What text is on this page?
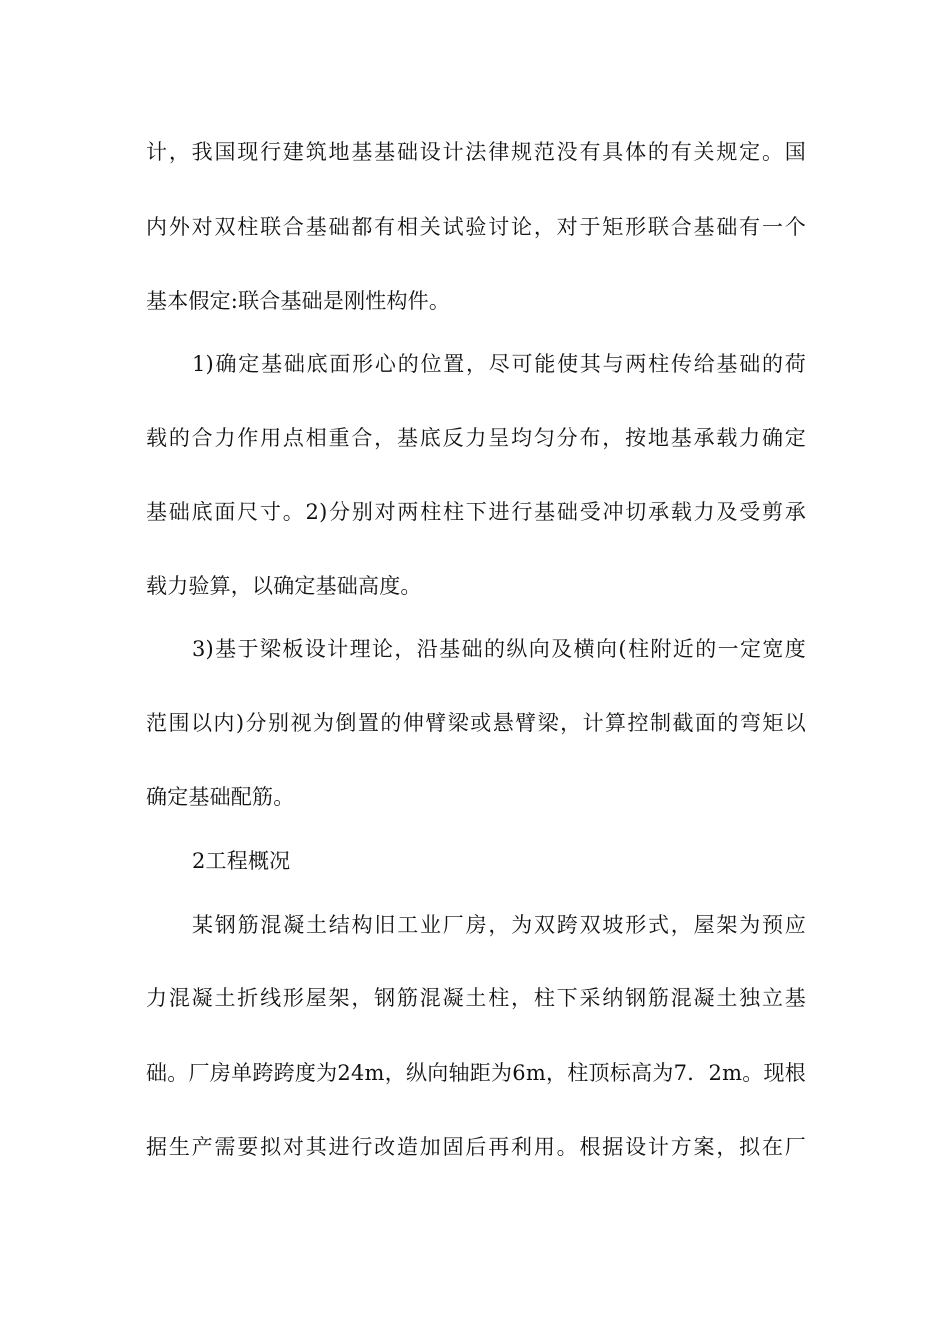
计，我国现行建筑地基基础设计法律规范没有具体的有关规定。国
内外对双柱联合基础都有相关试验讨论，对于矩形联合基础有一个
基本假定:联合基础是刚性构件。
1)确定基础底面形心的位置，尽可能使其与两柱传给基础的荷
载的合力作用点相重合，基底反力呈均匀分布，按地基承载力确定
基础底面尺寸。2)分别对两柱柱下进行基础受冲切承载力及受剪承
载力验算，以确定基础高度。
3)基于梁板设计理论，沿基础的纵向及横向(柱附近的一定宽度
范围以内)分别视为倒置的伸臂梁或悬臂梁，计算控制截面的弯矩以
确定基础配筋。
2工程概况
某钢筋混凝土结构旧工业厂房，为双跨双坡形式，屋架为预应
力混凝土折线形屋架，钢筋混凝土柱，柱下采纳钢筋混凝土独立基
础。厂房单跨跨度为24m，纵向轴距为6m，柱顶标高为7．2m。现根
据生产需要拟对其进行改造加固后再利用。根据设计方案，拟在厂
